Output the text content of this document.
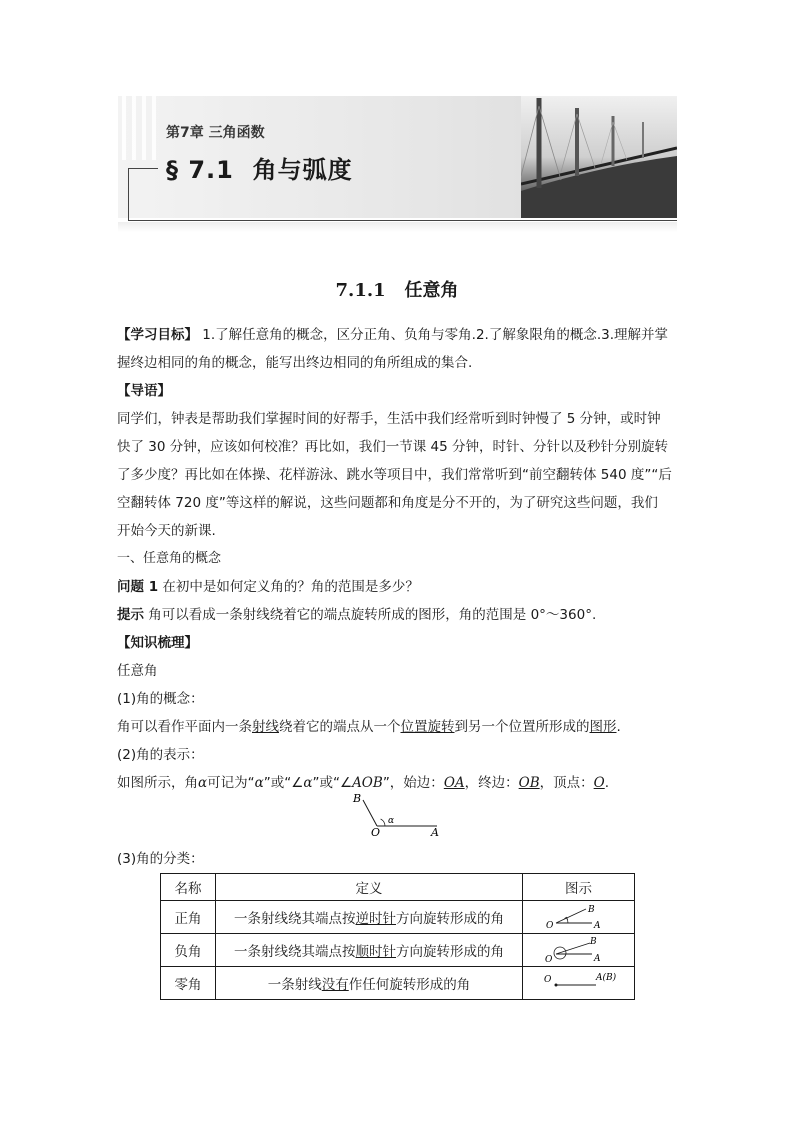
第7章 三角函数
§ 7.1 角与弧度
7.1.1 任意角
【学习目标】 1.了解任意角的概念，区分正角、负角与零角.2.了解象限角的概念.3.理解并掌
握终边相同的角的概念，能写出终边相同的角所组成的集合.
【导语】
同学们，钟表是帮助我们掌握时间的好帮手，生活中我们经常听到时钟慢了 5 分钟，或时钟
快了 30 分钟，应该如何校准？再比如，我们一节课 45 分钟，时针、分针以及秒针分别旋转
了多少度？再比如在体操、花样游泳、跳水等项目中，我们常常听到“前空翻转体 540 度”“后
空翻转体 720 度”等这样的解说，这些问题都和角度是分不开的，为了研究这些问题，我们
开始今天的新课.
一、任意角的概念
问题 1 在初中是如何定义角的？角的范围是多少？
提示 角可以看成一条射线绕着它的端点旋转所成的图形，角的范围是 0°～360°.
【知识梳理】
任意角
(1)角的概念：
角可以看作平面内一条射线绕着它的端点从一个位置旋转到另一个位置所形成的图形.
(2)角的表示：
如图所示，角α可记为“α”或“∠α”或“∠AOB”，始边：OA，终边：OB，顶点：O.
B
O	A
α
(3)角的分类：
名称	定义	图示
正角	一条射线绕其端点按逆时针方向旋转形成的角	O A
B

负角	一条射线绕其端点按顺时针方向旋转形成的角	O A
B

零角	一条射线没有作任何旋转形成的角	O A(B)
